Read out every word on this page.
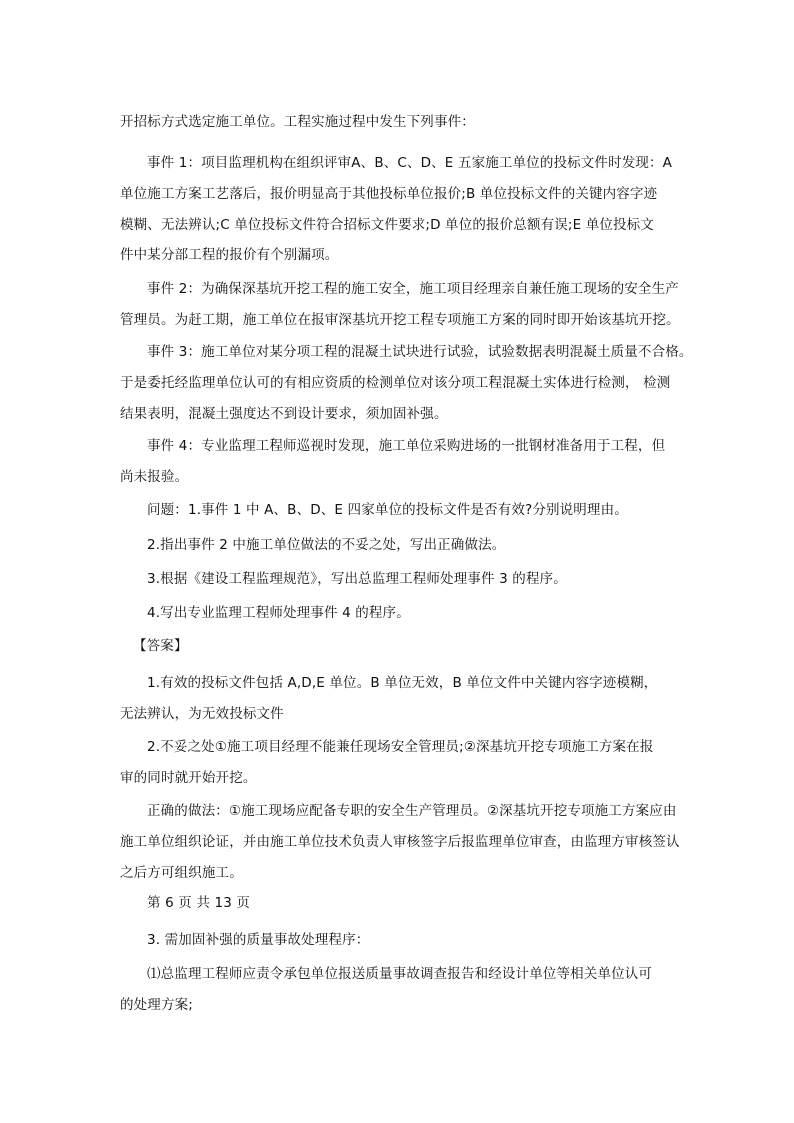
开招标方式选定施工单位。工程实施过程中发生下列事件：
事件 1：项目监理机构在组织评审A、B、C、D、E 五家施工单位的投标文件时发现：A
单位施工方案工艺落后，报价明显高于其他投标单位报价;B 单位投标文件的关键内容字迹
模糊、无法辨认;C 单位投标文件符合招标文件要求;D 单位的报价总额有误;E 单位投标文
件中某分部工程的报价有个别漏项。
事件 2：为确保深基坑开挖工程的施工安全，施工项目经理亲自兼任施工现场的安全生产
管理员。为赶工期，施工单位在报审深基坑开挖工程专项施工方案的同时即开始该基坑开挖。
事件 3：施工单位对某分项工程的混凝土试块进行试验，试验数据表明混凝土质量不合格。
于是委托经监理单位认可的有相应资质的检测单位对该分项工程混凝土实体进行检测， 检测
结果表明，混凝土强度达不到设计要求，须加固补强。
事件 4：专业监理工程师巡视时发现，施工单位采购进场的一批钢材准备用于工程，但
尚未报验。
问题：1.事件 1 中 A、B、D、E 四家单位的投标文件是否有效?分别说明理由。
2.指出事件 2 中施工单位做法的不妥之处，写出正确做法。
3.根据《建设工程监理规范》，写出总监理工程师处理事件 3 的程序。
4.写出专业监理工程师处理事件 4 的程序。
【答案】
1.有效的投标文件包括 A,D,E 单位。B 单位无效，B 单位文件中关键内容字迹模糊，
无法辨认，为无效投标文件
2.不妥之处①施工项目经理不能兼任现场安全管理员;②深基坑开挖专项施工方案在报
审的同时就开始开挖。
正确的做法：①施工现场应配备专职的安全生产管理员。②深基坑开挖专项施工方案应由
施工单位组织论证，并由施工单位技术负责人审核签字后报监理单位审查，由监理方审核签认
之后方可组织施工。
第 6 页 共 13 页
3. 需加固补强的质量事故处理程序：
⑴总监理工程师应责令承包单位报送质量事故调查报告和经设计单位等相关单位认可
的处理方案;
